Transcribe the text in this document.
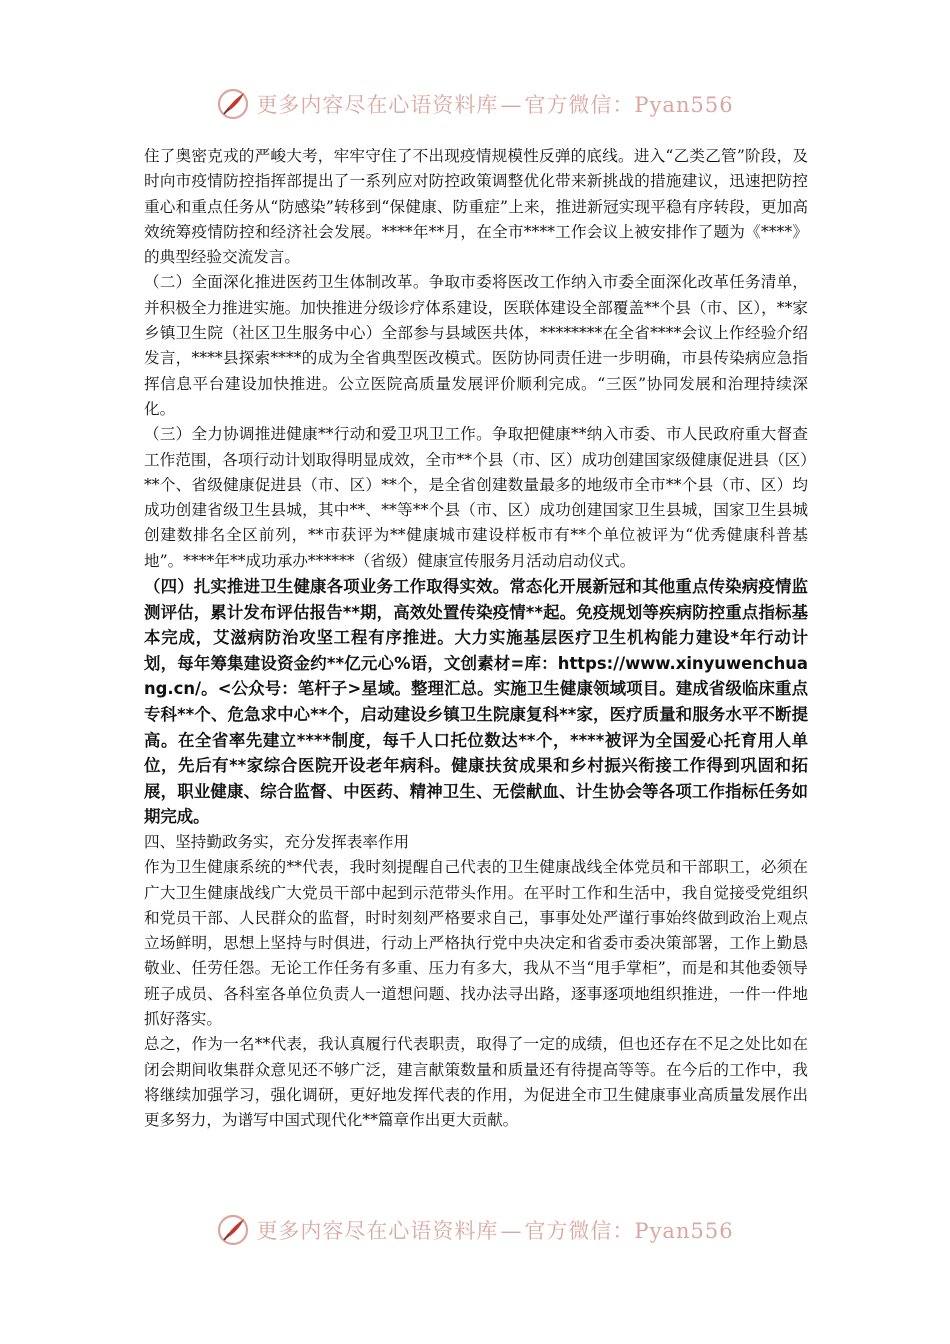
更多内容尽在心语资料库—官方微信：Pyan556

住了奥密克戎的严峻大考，牢牢守住了不出现疫情规模性反弹的底线。进入“乙类乙管”阶段，及时向市疫情防控指挥部提出了一系列应对防控政策调整优化带来新挑战的措施建议，迅速把防控重心和重点任务从“防感染”转移到“保健康、防重症”上来，推进新冠实现平稳有序转段，更加高效统筹疫情防控和经济社会发展。****年**月，在全市****工作会议上被安排作了题为《****》的典型经验交流发言。

（二）全面深化推进医药卫生体制改革。争取市委将医改工作纳入市委全面深化改革任务清单，并积极全力推进实施。加快推进分级诊疗体系建设，医联体建设全部覆盖**个县（市、区），**家乡镇卫生院（社区卫生服务中心）全部参与县域医共体，********在全省****会议上作经验介绍发言，****县探索****的成为全省典型医改模式。医防协同责任进一步明确，市县传染病应急指挥信息平台建设加快推进。公立医院高质量发展评价顺利完成。“三医”协同发展和治理持续深化。

（三）全力协调推进健康**行动和爱卫巩卫工作。争取把健康**纳入市委、市人民政府重大督查工作范围，各项行动计划取得明显成效，全市**个县（市、区）成功创建国家级健康促进县（区）**个、省级健康促进县（市、区）**个，是全省创建数量最多的地级市全市**个县（市、区）均成功创建省级卫生县城，其中**、**等**个县（市、区）成功创建国家卫生县城，国家卫生县城创建数排名全区前列，**市获评为**健康城市建设样板市有**个单位被评为“优秀健康科普基地”。****年**成功承办******（省级）健康宣传服务月活动启动仪式。

（四）扎实推进卫生健康各项业务工作取得实效。常态化开展新冠和其他重点传染病疫情监测评估，累计发布评估报告**期，高效处置传染疫情**起。免疫规划等疾病防控重点指标基本完成，艾滋病防治攻坚工程有序推进。大力实施基层医疗卫生机构能力建设*年行动计划，每年筹集建设资金约**亿元心%语，文创素材=库：https://www.xinyuwenchuang.cn/。<公众号：笔杆子>星域。整理汇总。实施卫生健康领域项目。建成省级临床重点专科**个、危急求中心**个，启动建设乡镇卫生院康复科**家，医疗质量和服务水平不断提高。在全省率先建立****制度，每千人口托位数达**个，****被评为全国爱心托育用人单位，先后有**家综合医院开设老年病科。健康扶贫成果和乡村振兴衔接工作得到巩固和拓展，职业健康、综合监督、中医药、精神卫生、无偿献血、计生协会等各项工作指标任务如期完成。

四、坚持勤政务实，充分发挥表率作用

作为卫生健康系统的**代表，我时刻提醒自己代表的卫生健康战线全体党员和干部职工，必须在广大卫生健康战线广大党员干部中起到示范带头作用。在平时工作和生活中，我自觉接受党组织和党员干部、人民群众的监督，时时刻刻严格要求自己，事事处处严谨行事始终做到政治上观点立场鲜明，思想上坚持与时俱进，行动上严格执行党中央决定和省委市委决策部署，工作上勤恳敬业、任劳任怨。无论工作任务有多重、压力有多大，我从不当“甩手掌柜”，而是和其他委领导班子成员、各科室各单位负责人一道想问题、找办法寻出路，逐事逐项地组织推进，一件一件地抓好落实。

总之，作为一名**代表，我认真履行代表职责，取得了一定的成绩，但也还存在不足之处比如在闭会期间收集群众意见还不够广泛，建言献策数量和质量还有待提高等等。在今后的工作中，我将继续加强学习，强化调研，更好地发挥代表的作用，为促进全市卫生健康事业高质量发展作出更多努力，为谱写中国式现代化**篇章作出更大贡献。

更多内容尽在心语资料库—官方微信：Pyan556
